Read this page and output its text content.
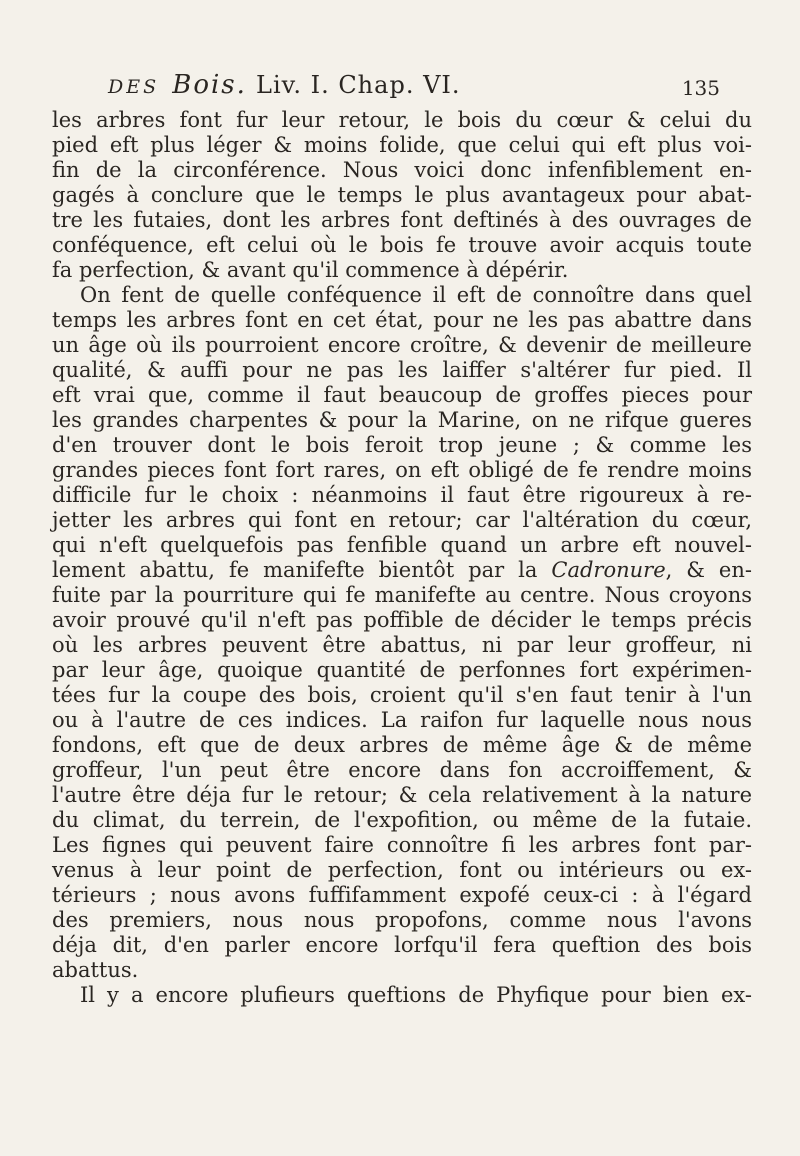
DES Bois. Liv. I. Chap. VI.	135
les arbres font fur leur retour, le bois du cœur & celui du
pied eft plus léger & moins folide, que celui qui eft plus voi-
fin de la circonférence. Nous voici donc infenfiblement en-
gagés à conclure que le temps le plus avantageux pour abat-
tre les futaies, dont les arbres font deftinés à des ouvrages de
conféquence, eft celui où le bois fe trouve avoir acquis toute
fa perfection, & avant qu'il commence à dépérir.
On fent de quelle conféquence il eft de connoître dans quel
temps les arbres font en cet état, pour ne les pas abattre dans
un âge où ils pourroient encore croître, & devenir de meilleure
qualité, & auffi pour ne pas les laiffer s'altérer fur pied. Il
eft vrai que, comme il faut beaucoup de groffes pieces pour
les grandes charpentes & pour la Marine, on ne rifque gueres
d'en trouver dont le bois feroit trop jeune ; & comme les
grandes pieces font fort rares, on eft obligé de fe rendre moins
difficile fur le choix : néanmoins il faut être rigoureux à re-
jetter les arbres qui font en retour; car l'altération du cœur,
qui n'eft quelquefois pas fenfible quand un arbre eft nouvel-
lement abattu, fe manifefte bientôt par la Cadronure, & en-
fuite par la pourriture qui fe manifefte au centre. Nous croyons
avoir prouvé qu'il n'eft pas poffible de décider le temps précis
où les arbres peuvent être abattus, ni par leur groffeur, ni
par leur âge, quoique quantité de perfonnes fort expérimen-
tées fur la coupe des bois, croient qu'il s'en faut tenir à l'un
ou à l'autre de ces indices. La raifon fur laquelle nous nous
fondons, eft que de deux arbres de même âge & de même
groffeur, l'un peut être encore dans fon accroiffement, &
l'autre être déja fur le retour; & cela relativement à la nature
du climat, du terrein, de l'expofition, ou même de la futaie.
Les fignes qui peuvent faire connoître fi les arbres font par-
venus à leur point de perfection, font ou intérieurs ou ex-
térieurs ; nous avons fuffifamment expofé ceux-ci : à l'égard
des premiers, nous nous propofons, comme nous l'avons
déja dit, d'en parler encore lorfqu'il fera queftion des bois
abattus.
Il y a encore plufieurs queftions de Phyfique pour bien ex-
